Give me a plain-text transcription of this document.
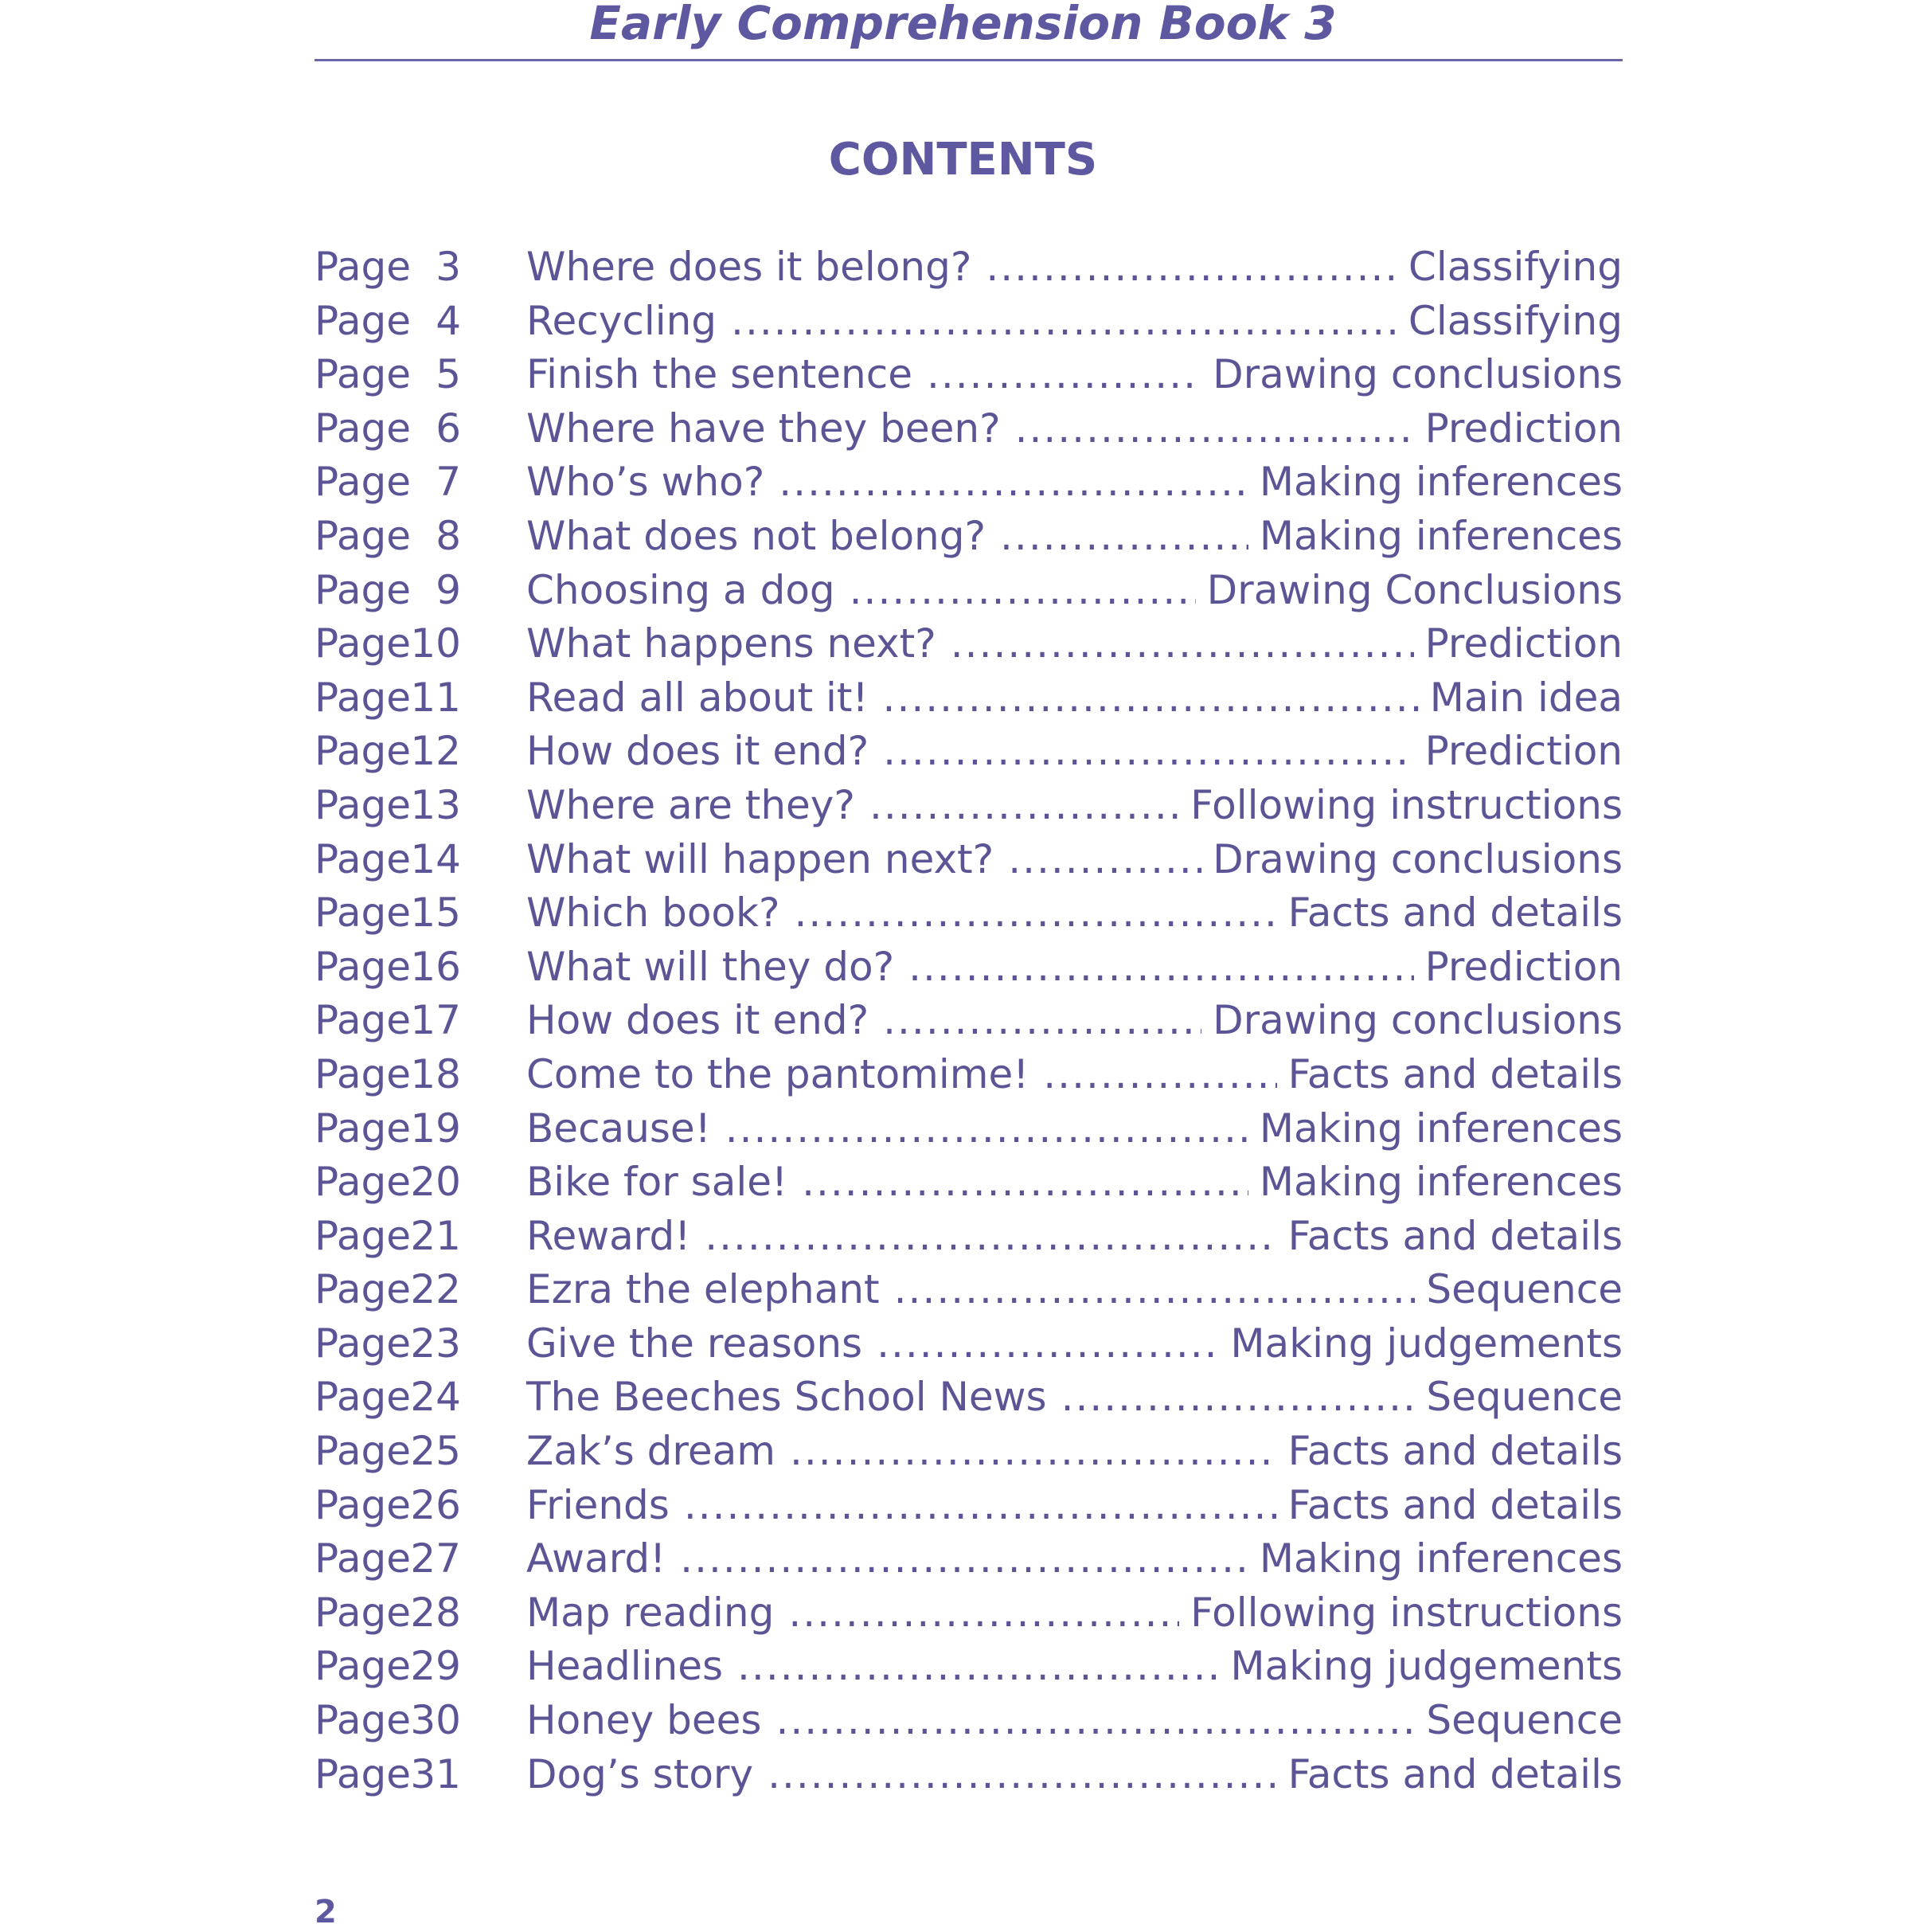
Early Comprehension Book 3
CONTENTS
Page 3 Where does it belong? .....	Classifying
Page 4 Recycling .....	Classifying
Page 5 Finish the sentence .....	Drawing conclusions
Page 6 Where have they been? .....	Prediction
Page 7 Who’s who? .....	Making inferences
Page 8 What does not belong? .....	Making inferences
Page 9 Choosing a dog .....	Drawing Conclusions
Page 10 What happens next? .....	Prediction
Page 11 Read all about it! .....	Main idea
Page 12 How does it end? .....	Prediction
Page 13 Where are they? .....	Following instructions
Page 14 What will happen next? .....	Drawing conclusions
Page 15 Which book? .....	Facts and details
Page 16 What will they do? .....	Prediction
Page 17 How does it end? .....	Drawing conclusions
Page 18 Come to the pantomime! .....	Facts and details
Page 19 Because! .....	Making inferences
Page 20 Bike for sale! .....	Making inferences
Page 21 Reward! .....	Facts and details
Page 22 Ezra the elephant .....	Sequence
Page 23 Give the reasons .....	Making judgements
Page 24 The Beeches School News .....	Sequence
Page 25 Zak’s dream .....	Facts and details
Page 26 Friends .....	Facts and details
Page 27 Award! .....	Making inferences
Page 28 Map reading .....	Following instructions
Page 29 Headlines .....	Making judgements
Page 30 Honey bees .....	Sequence
Page 31 Dog’s story .....	Facts and details
2
